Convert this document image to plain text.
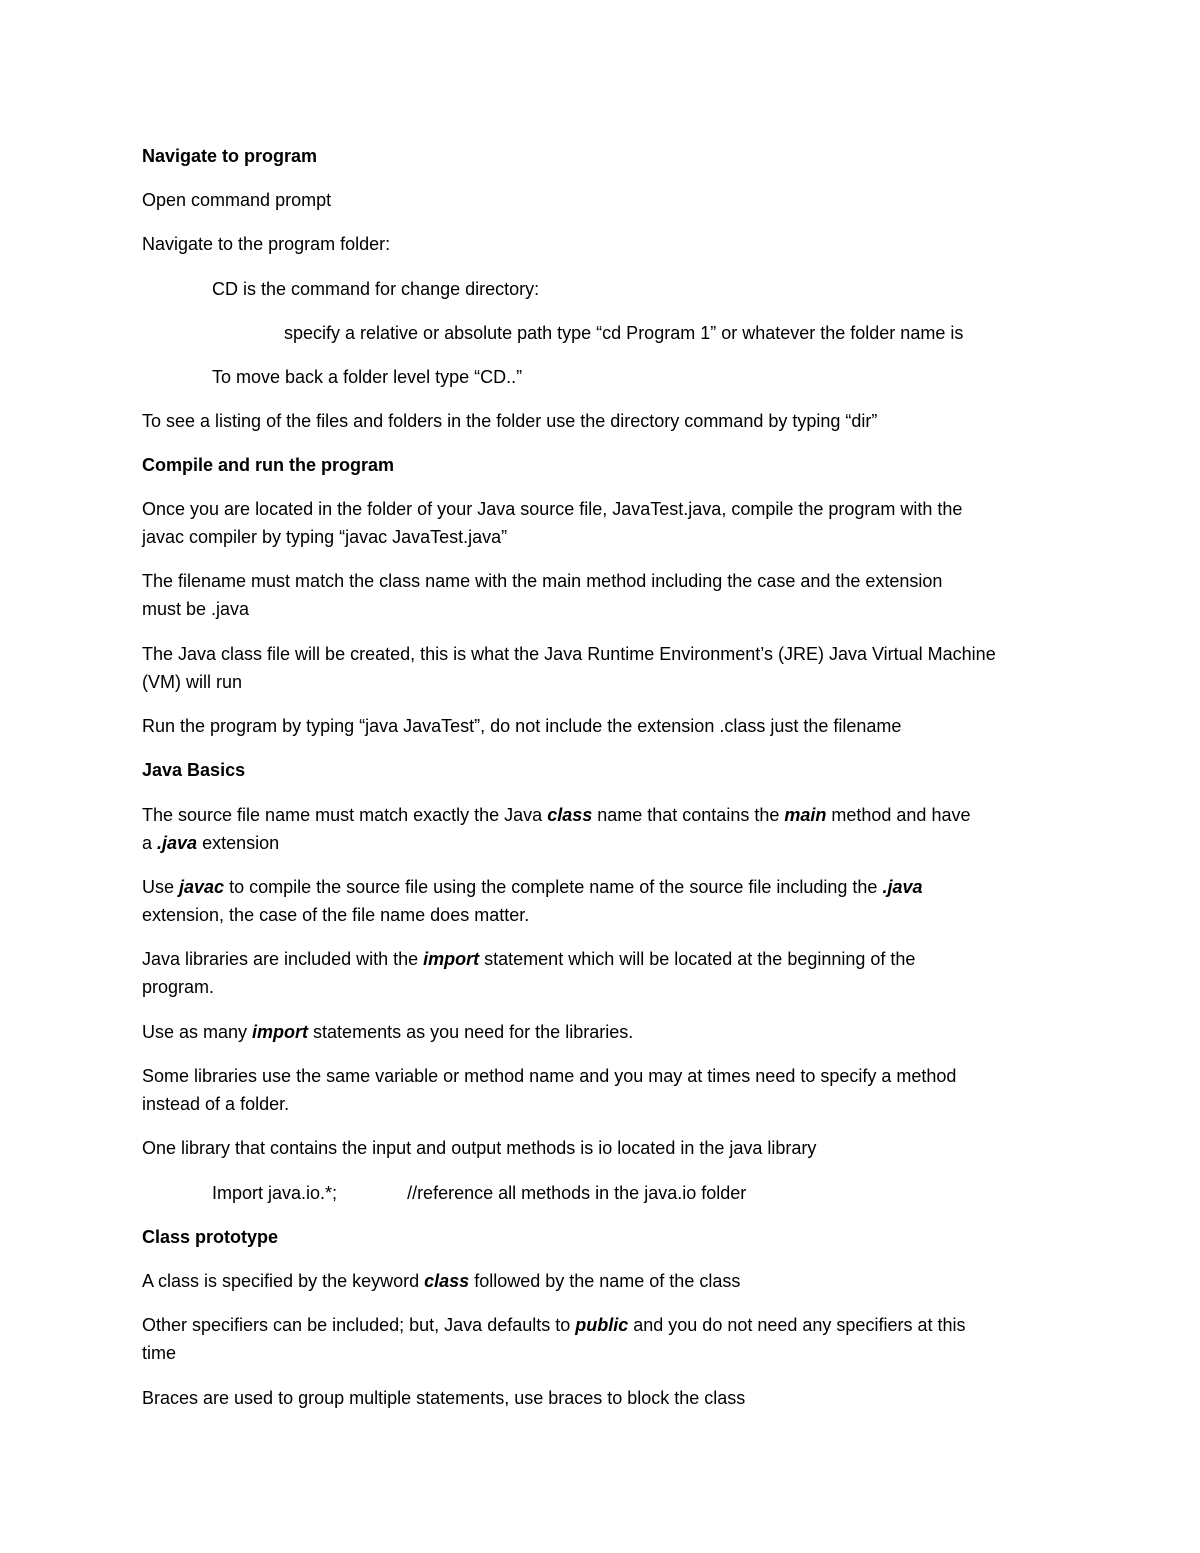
Navigate to program
Open command prompt
Navigate to the program folder:
CD is the command for change directory:
specify a relative or absolute path type “cd Program 1” or whatever the folder name is
To move back a folder level type “CD..”
To see a listing of the files and folders in the folder use the directory command by typing “dir”
Compile and run the program
Once you are located in the folder of your Java source file, JavaTest.java, compile the program with the
javac compiler by typing “javac JavaTest.java”
The filename must match the class name with the main method including the case and the extension
must be .java
The Java class file will be created, this is what the Java Runtime Environment’s (JRE) Java Virtual Machine
(VM) will run
Run the program by typing “java JavaTest”, do not include the extension .class just the filename
Java Basics
The source file name must match exactly the Java class name that contains the main method and have
a .java extension
Use javac to compile the source file using the complete name of the source file including the .java
extension, the case of the file name does matter.
Java libraries are included with the import statement which will be located at the beginning of the
program.
Use as many import statements as you need for the libraries.
Some libraries use the same variable or method name and you may at times need to specify a method
instead of a folder.
One library that contains the input and output methods is io located in the java library
Import java.io.*;	//reference all methods in the java.io folder
Class prototype
A class is specified by the keyword class followed by the name of the class
Other specifiers can be included; but, Java defaults to public and you do not need any specifiers at this
time
Braces are used to group multiple statements, use braces to block the class
